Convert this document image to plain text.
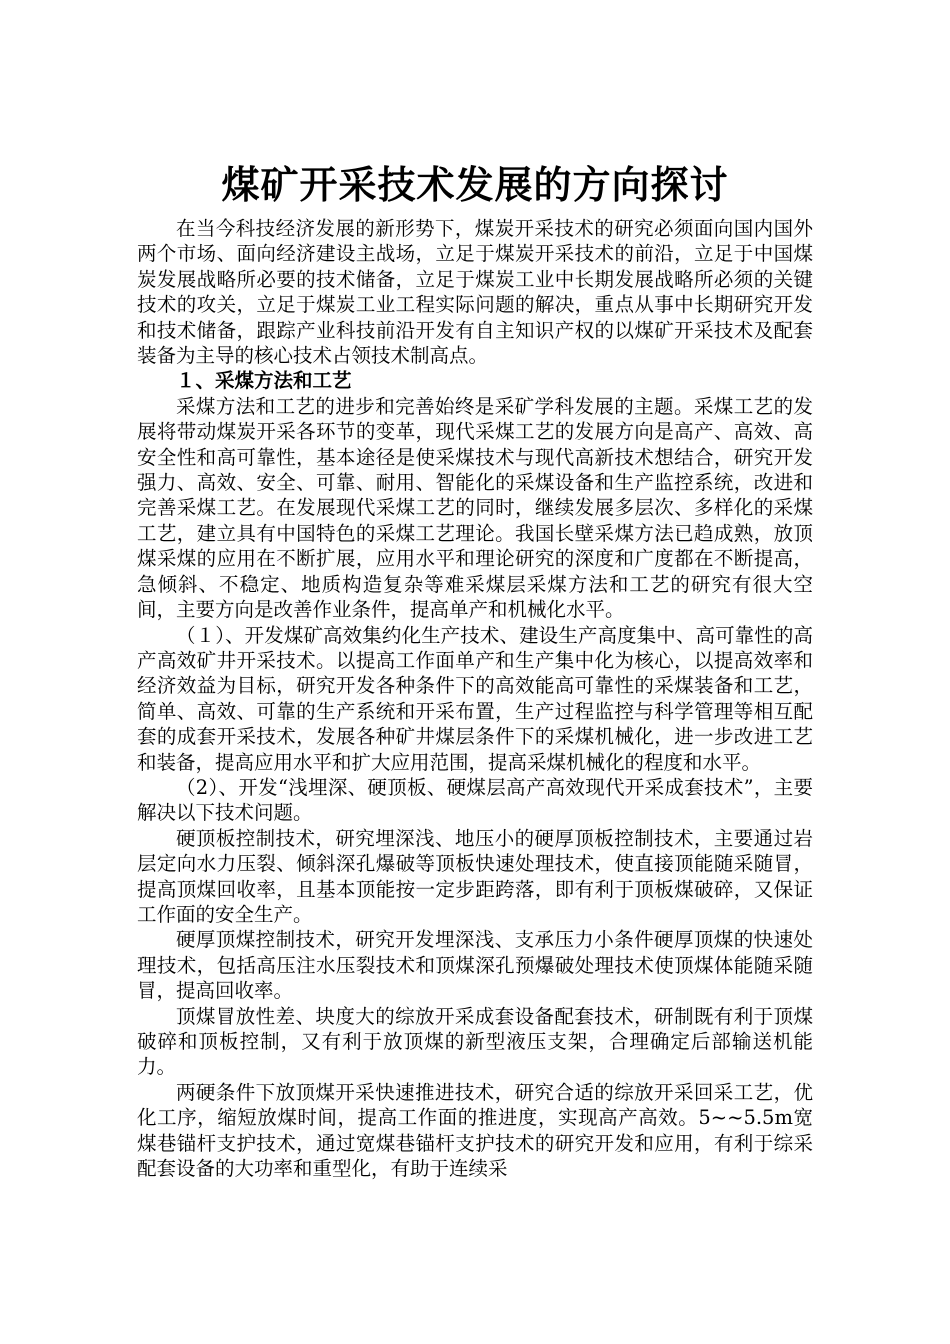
煤矿开采技术发展的方向探讨

在当今科技经济发展的新形势下，煤炭开采技术的研究必须面向国内国外两个市场、面向经济建设主战场，立足于煤炭开采技术的前沿，立足于中国煤炭发展战略所必要的技术储备，立足于煤炭工业中长期发展战略所必须的关键技术的攻关，立足于煤炭工业工程实际问题的解决，重点从事中长期研究开发和技术储备，跟踪产业科技前沿开发有自主知识产权的以煤矿开采技术及配套装备为主导的核心技术占领技术制高点。

１、采煤方法和工艺

采煤方法和工艺的进步和完善始终是采矿学科发展的主题。采煤工艺的发展将带动煤炭开采各环节的变革，现代采煤工艺的发展方向是高产、高效、高安全性和高可靠性，基本途径是使采煤技术与现代高新技术想结合，研究开发强力、高效、安全、可靠、耐用、智能化的采煤设备和生产监控系统，改进和完善采煤工艺。在发展现代采煤工艺的同时，继续发展多层次、多样化的采煤工艺，建立具有中国特色的采煤工艺理论。我国长壁采煤方法已趋成熟，放顶煤采煤的应用在不断扩展，应用水平和理论研究的深度和广度都在不断提高，急倾斜、不稳定、地质构造复杂等难采煤层采煤方法和工艺的研究有很大空间，主要方向是改善作业条件，提高单产和机械化水平。

（１）、开发煤矿高效集约化生产技术、建设生产高度集中、高可靠性的高产高效矿井开采技术。以提高工作面单产和生产集中化为核心，以提高效率和经济效益为目标，研究开发各种条件下的高效能高可靠性的采煤装备和工艺，简单、高效、可靠的生产系统和开采布置，生产过程监控与科学管理等相互配套的成套开采技术，发展各种矿井煤层条件下的采煤机械化，进一步改进工艺和装备，提高应用水平和扩大应用范围，提高采煤机械化的程度和水平。

（2）、开发“浅埋深、硬顶板、硬煤层高产高效现代开采成套技术”，主要解决以下技术问题。

硬顶板控制技术，研究埋深浅、地压小的硬厚顶板控制技术，主要通过岩层定向水力压裂、倾斜深孔爆破等顶板快速处理技术，使直接顶能随采随冒，提高顶煤回收率，且基本顶能按一定步距跨落，即有利于顶板煤破碎，又保证工作面的安全生产。

硬厚顶煤控制技术，研究开发埋深浅、支承压力小条件硬厚顶煤的快速处理技术，包括高压注水压裂技术和顶煤深孔预爆破处理技术使顶煤体能随采随冒，提高回收率。

顶煤冒放性差、块度大的综放开采成套设备配套技术，研制既有利于顶煤破碎和顶板控制，又有利于放顶煤的新型液压支架，合理确定后部输送机能力。

两硬条件下放顶煤开采快速推进技术，研究合适的综放开采回采工艺，优化工序，缩短放煤时间，提高工作面的推进度，实现高产高效。5~~5.5m宽煤巷锚杆支护技术，通过宽煤巷锚杆支护技术的研究开发和应用，有利于综采配套设备的大功率和重型化，有助于连续采
